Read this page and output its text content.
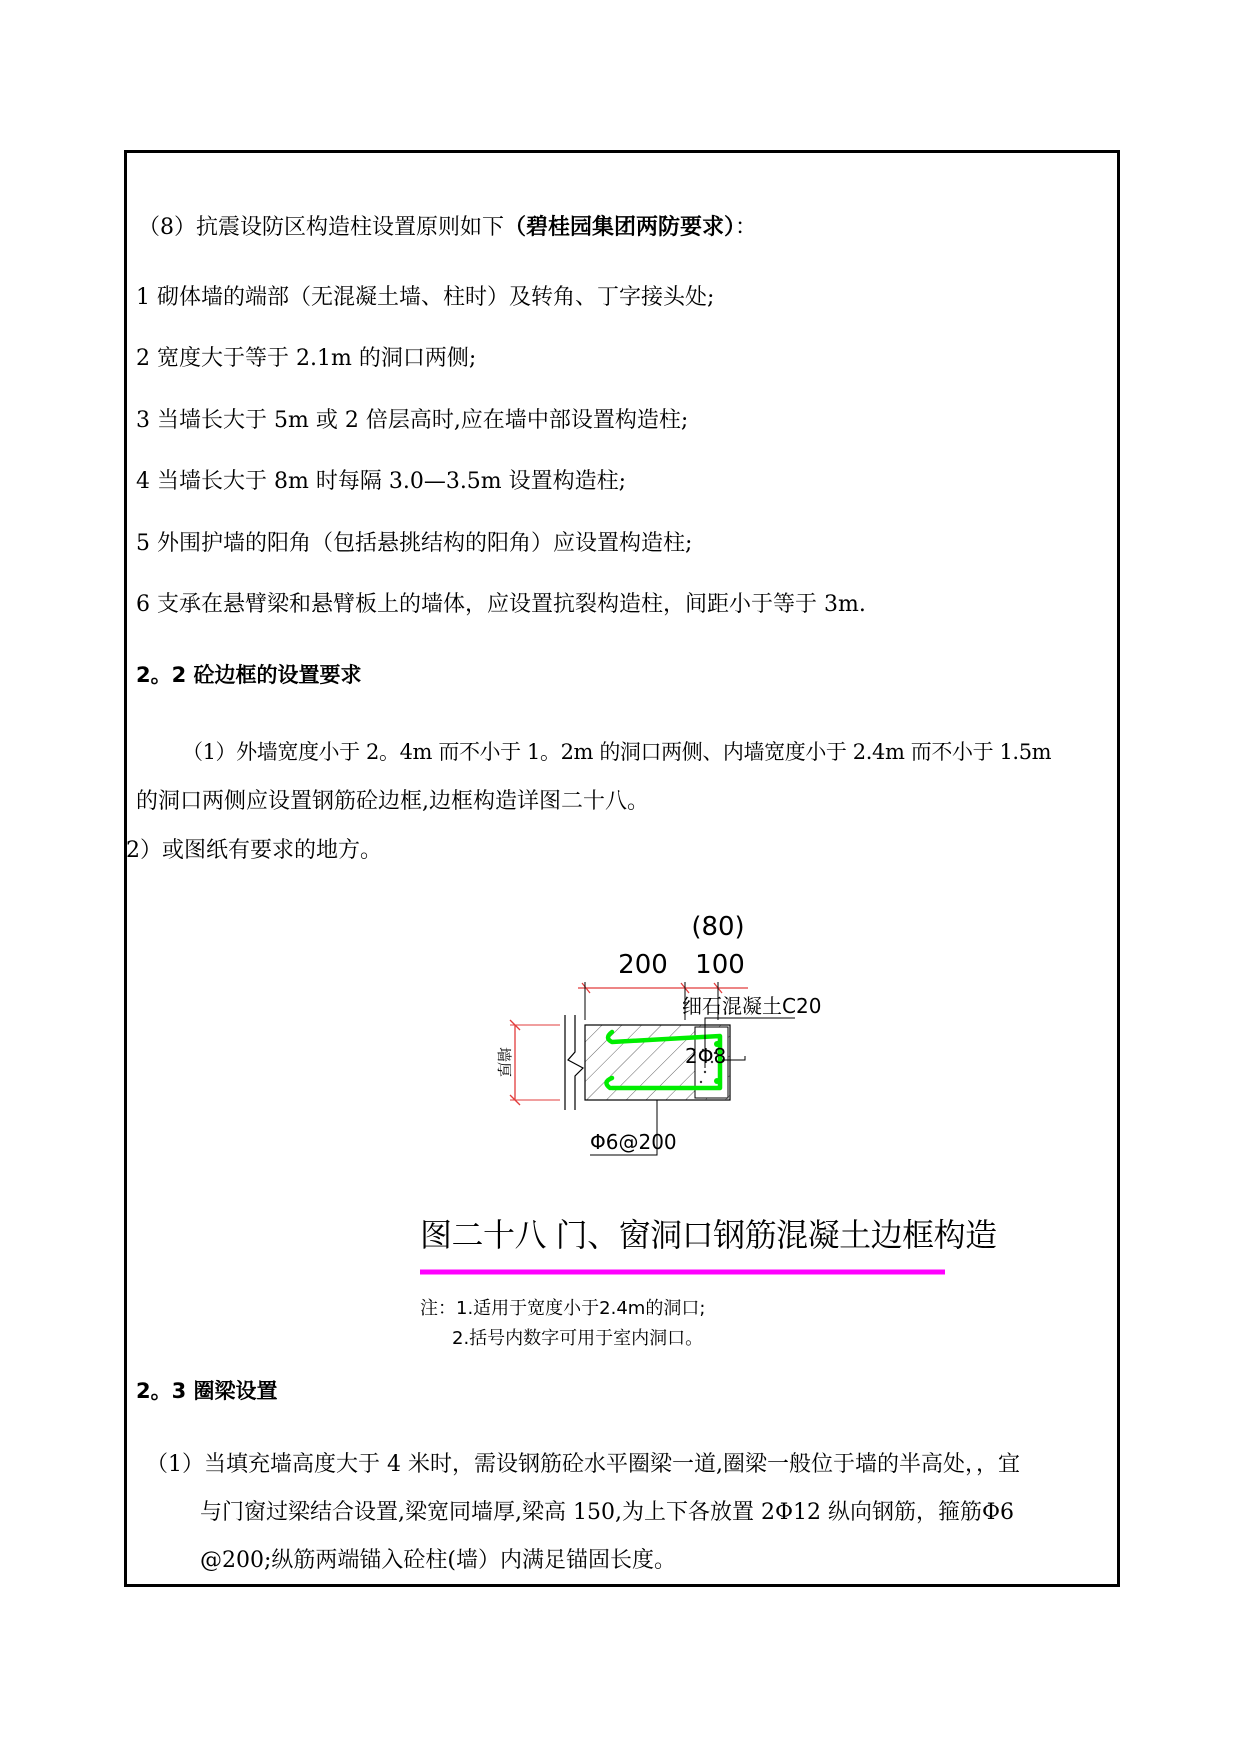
（8）抗震设防区构造柱设置原则如下（碧桂园集团两防要求）：
1 砌体墙的端部（无混凝土墙、柱时）及转角、丁字接头处;
2 宽度大于等于 2.1m 的洞口两侧;
3 当墙长大于 5m 或 2 倍层高时,应在墙中部设置构造柱;
4 当墙长大于 8m 时每隔 3.0—3.5m 设置构造柱;
5 外围护墙的阳角（包括悬挑结构的阳角）应设置构造柱;
6 支承在悬臂梁和悬臂板上的墙体，应设置抗裂构造柱，间距小于等于 3m.
2。2 砼边框的设置要求
（1）外墙宽度小于 2。4m 而不小于 1。2m 的洞口两侧、内墙宽度小于 2.4m 而不小于 1.5m
的洞口两侧应设置钢筋砼边框,边框构造详图二十八。
2）或图纸有要求的地方。
(80)
200 100
墙厚
细石混凝土C20
2Φ8
Φ6@200
图二十八 门、窗洞口钢筋混凝土边框构造
注：1.适用于宽度小于2.4m的洞口;
2.括号内数字可用于室内洞口。
2。3 圈梁设置
（1）当填充墙高度大于 4 米时，需设钢筋砼水平圈梁一道,圈梁一般位于墙的半高处，，宜
与门窗过梁结合设置,梁宽同墙厚,梁高 150,为上下各放置 2Φ12 纵向钢筋，箍筋Φ6
@200;纵筋两端锚入砼柱(墙）内满足锚固长度。
